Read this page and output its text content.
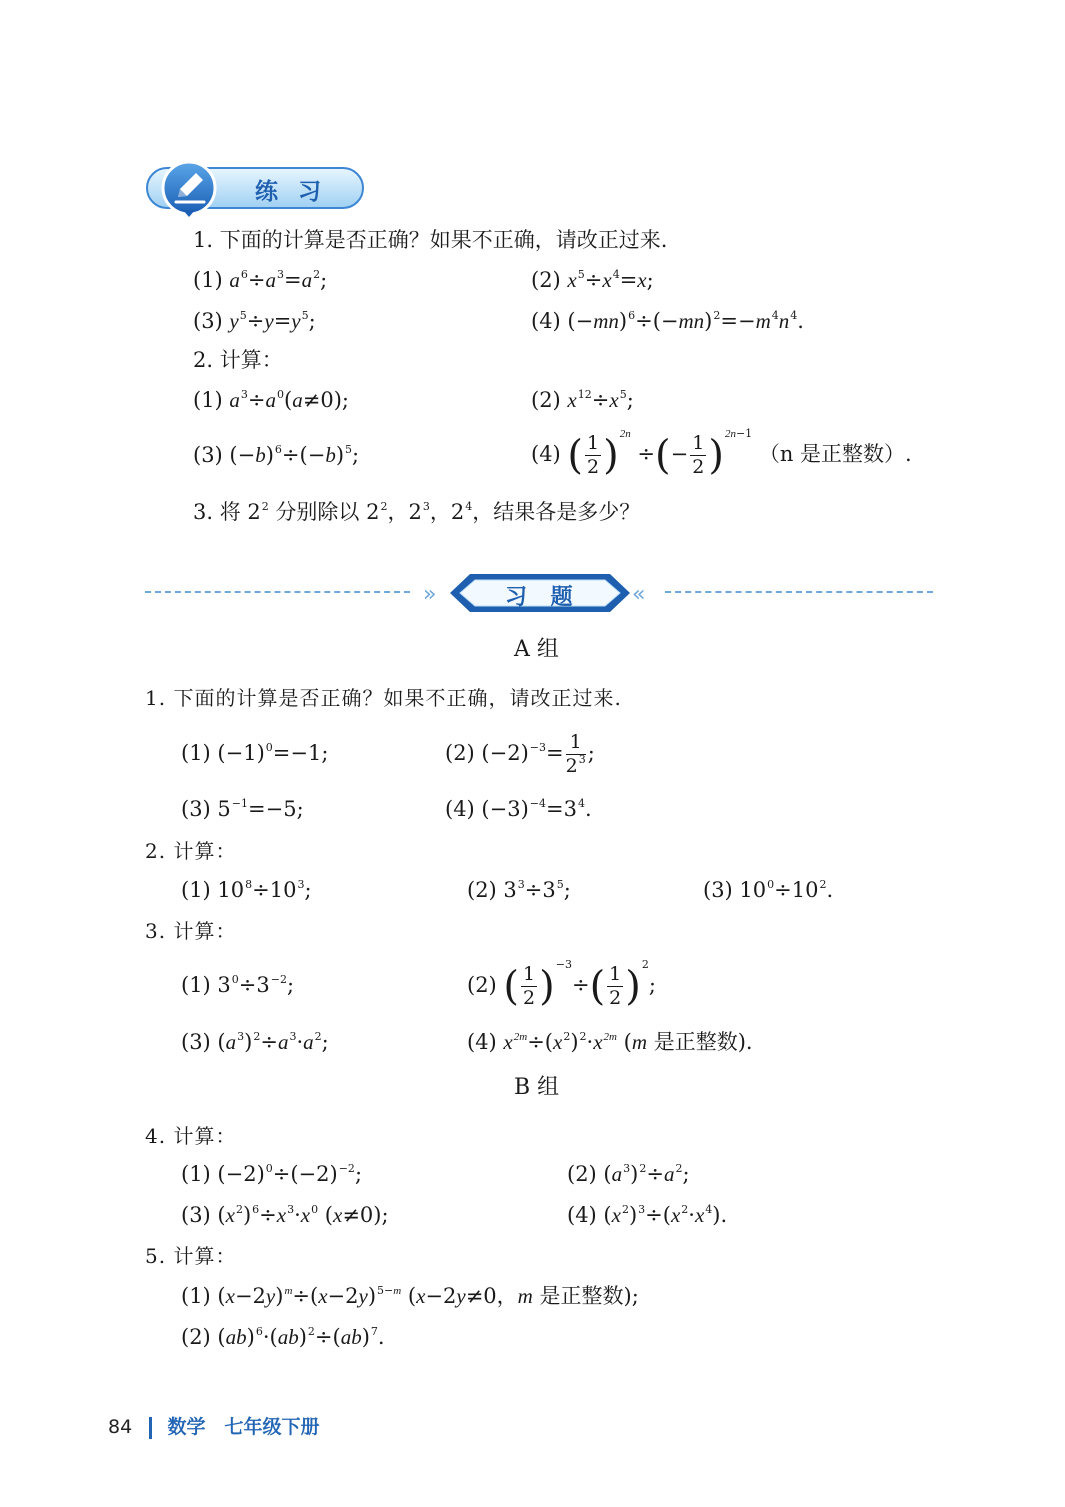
练 习
1. 下面的计算是否正确？如果不正确，请改正过来.
(1) $a^6\div a^3=a^2$;	(2) $x^5\div x^4=x$;
(3) $y^5\div y=y^5$;	(4) $(-mn)^6\div(-mn)^2=-m^4n^4$.
2. 计算：
(1) $a^3\div a^0(a\ne 0)$;	(2) $x^{12}\div x^5$;
(3) $(-b)^6\div(-b)^5$;	(4) ( $\frac{1}{2} )^{2n}$ ÷(− $\frac{1}{2} )^{2n-1}$ （n 是正整数）.
3. 将 $2^2$ 分别除以 $2^2$，$2^3$，$2^4$，结果各是多少？
»	«
习 题
A 组
1. 下面的计算是否正确？如果不正确，请改正过来.
(1) $(-1)^0=-1$;	(2) $(-2)^{-3}= \frac{1}{2^3}$ ;
(3) $5^{-1}=-5$;	(4) $(-3)^{-4}=3^4$.
2. 计算：
(1) $10^8\div 10^3$;	(2) $3^3\div 3^5$;	(3) $10^0\div 10^2$.
3. 计算：
(1) $3^0\div 3^{-2}$;	(2) ( $\frac{1}{2} )^{-3}\div( \frac{1}{2} )^2$;
(3) $(a^3)^2\div a^3\cdot a^2$;	(4) $x^{2m}\div(x^2)^2\cdot x^{2m}$ (m 是正整数).
B 组
4. 计算：
(1) $(-2)^0\div(-2)^{-2}$;	(2) $(a^3)^2\div a^2$;
(3) $(x^2)^6\div x^3\cdot x^0$ (x≠0);	(4) $(x^2)^3\div(x^2\cdot x^4)$.
5. 计算：
(1) $(x-2y)^m\div(x-2y)^{5-m}$ (x−2y≠0，m 是正整数);
(2) (ab)$^6$·(ab)$^2$÷(ab)$^7$.
84 数学　七年级下册
